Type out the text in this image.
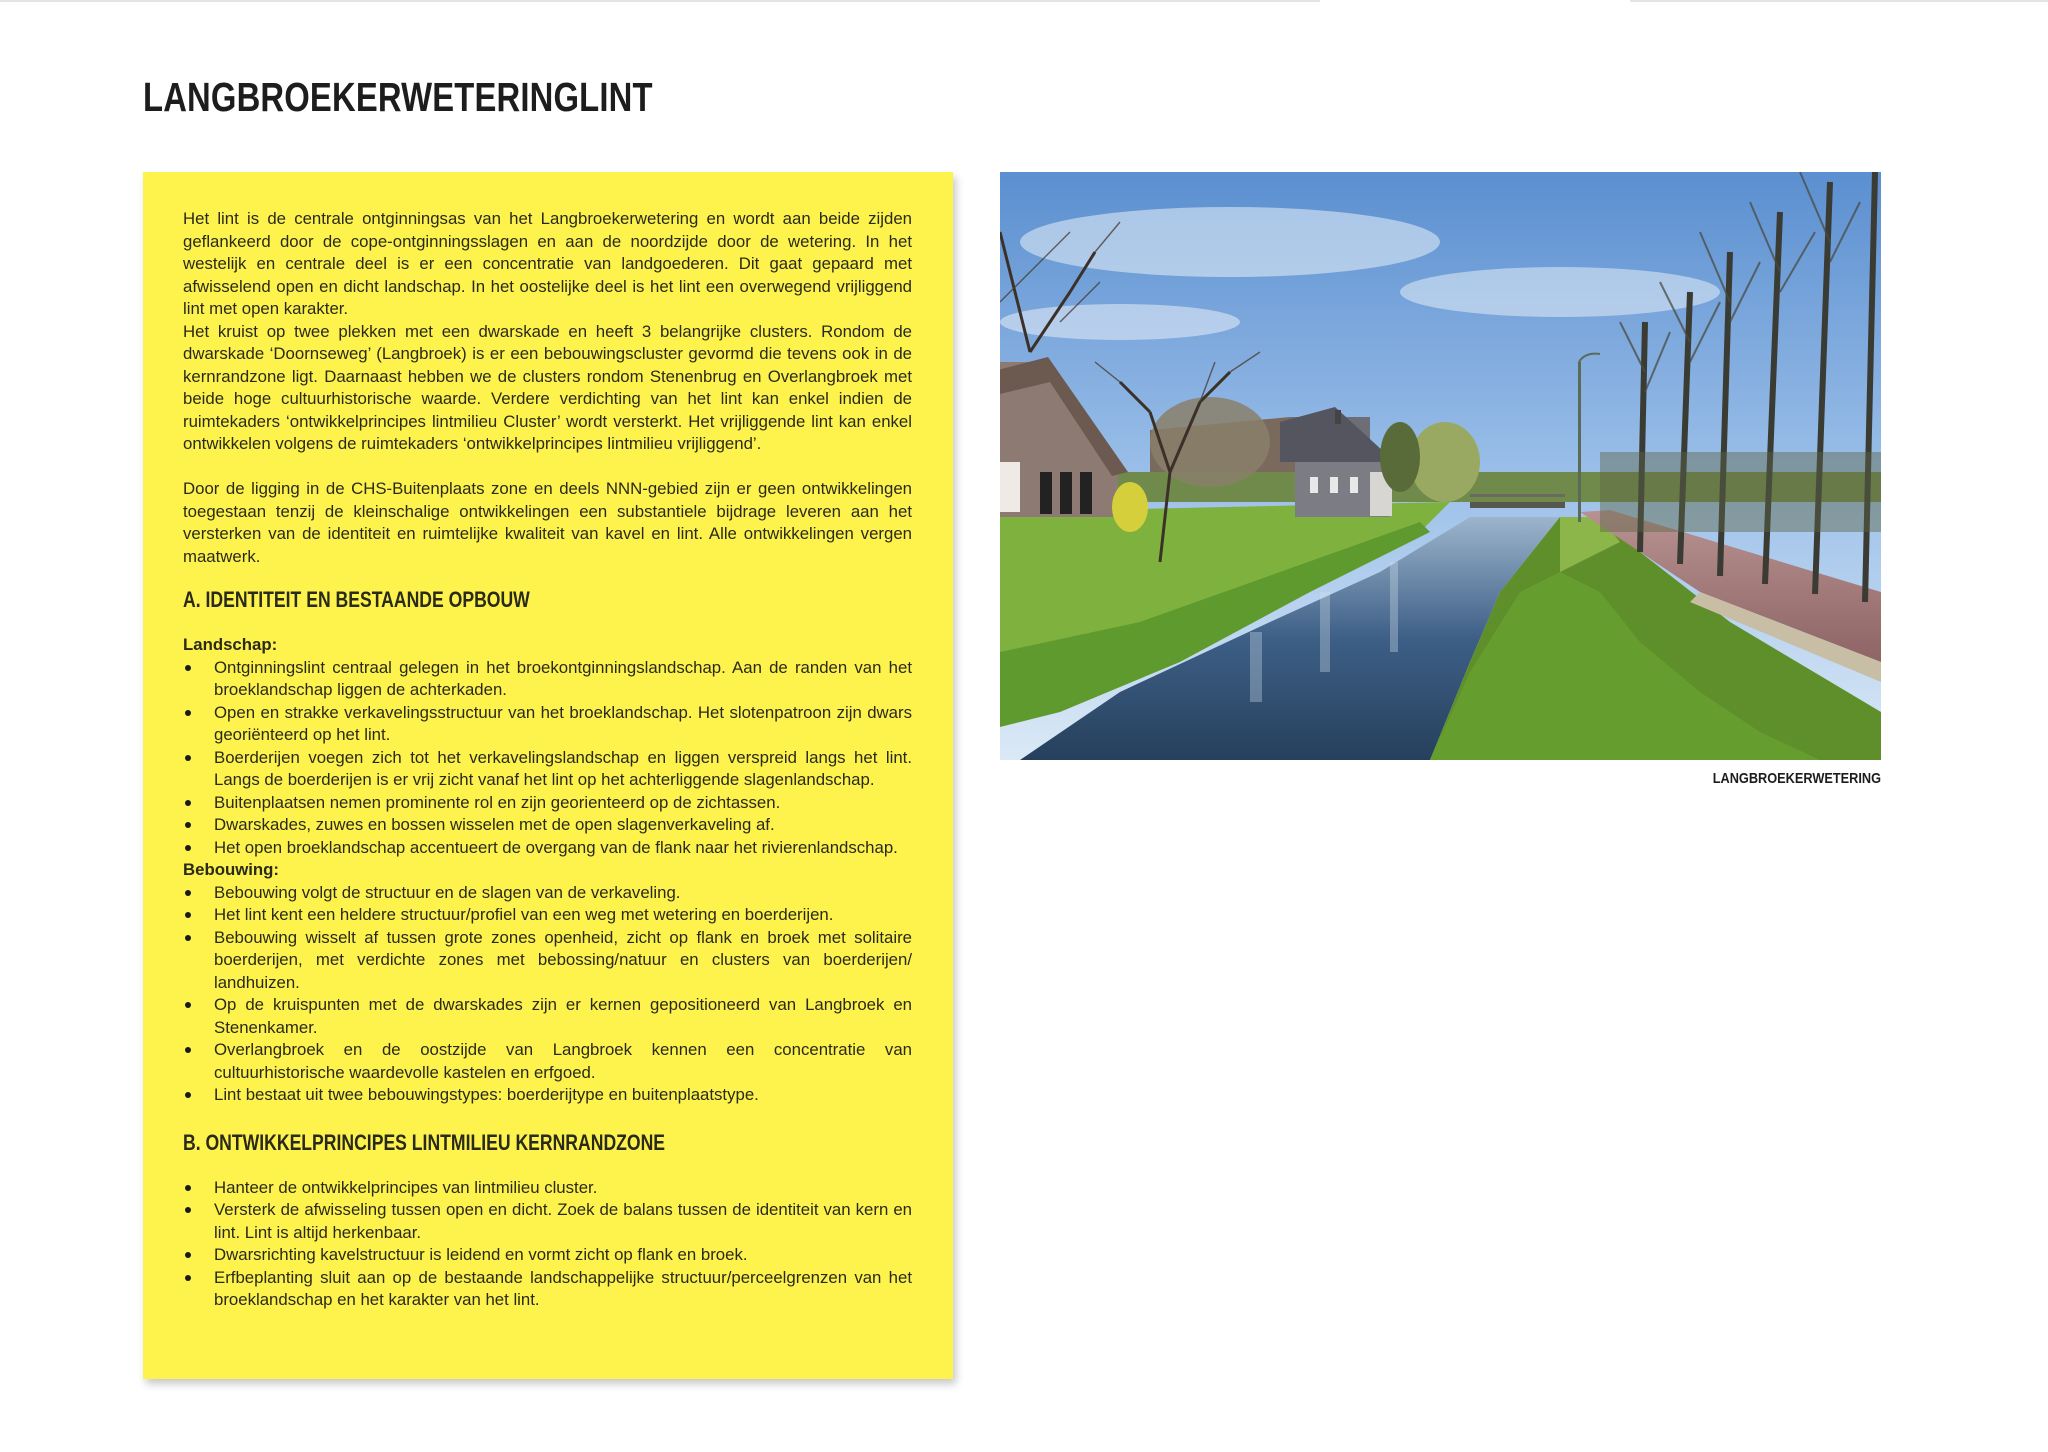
LANGBROEKERWETERINGLINT

Het lint is de centrale ontginningsas van het Langbroekerwetering en wordt aan beide zijden geflankeerd door de cope-ontginningsslagen en aan de noordzijde door de wetering. In het westelijk en centrale deel is er een concentratie van landgoederen. Dit gaat gepaard met afwisselend open en dicht landschap. In het oostelijke deel is het lint een overwegend vrijliggend lint met open karakter.

Het kruist op twee plekken met een dwarskade en heeft 3 belangrijke clusters. Rondom de dwarskade ‘Doornseweg’ (Langbroek) is er een bebouwingscluster gevormd die tevens ook in de kernrandzone ligt. Daarnaast hebben we de clusters rondom Stenenbrug en Overlangbroek met beide hoge cultuurhistorische waarde. Verdere verdichting van het lint kan enkel indien de ruimtekaders ‘ontwikkelprincipes lintmilieu Cluster’ wordt versterkt. Het vrijliggende lint kan enkel ontwikkelen volgens de ruimtekaders ‘ontwikkelprincipes lintmilieu vrijliggend’.

Door de ligging in de CHS-Buitenplaats zone en deels NNN-gebied zijn er geen ontwikkelingen toegestaan tenzij de kleinschalige ontwikkelingen een substantiele bijdrage leveren aan het versterken van de identiteit en ruimtelijke kwaliteit van kavel en lint. Alle ontwikkelingen vergen maatwerk.

A. IDENTITEIT EN BESTAANDE OPBOUW

Landschap:

Ontginningslint centraal gelegen in het broekontginningslandschap. Aan de randen van het broeklandschap liggen de achterkaden.
Open en strakke verkavelingsstructuur van het broeklandschap. Het slotenpatroon zijn dwars georiënteerd op het lint.
Boerderijen voegen zich tot het verkavelingslandschap en liggen verspreid langs het lint. Langs de boerderijen is er vrij zicht vanaf het lint op het achterliggende slagenlandschap.
Buitenplaatsen nemen prominente rol en zijn georienteerd op de zichtassen.
Dwarskades, zuwes en bossen wisselen met de open slagenverkaveling af.
Het open broeklandschap accentueert de overgang van de flank naar het rivierenlandschap.

Bebouwing:

Bebouwing volgt de structuur en de slagen van de verkaveling.
Het lint kent een heldere structuur/profiel van een weg met wetering en boerderijen.
Bebouwing wisselt af tussen grote zones openheid, zicht op flank en broek met solitaire boerderijen, met verdichte zones met bebossing/natuur en clusters van boerderijen/ landhuizen.
Op de kruispunten met de dwarskades zijn er kernen gepositioneerd van Langbroek en Stenenkamer.
Overlangbroek en de oostzijde van Langbroek kennen een concentratie van cultuurhistorische waardevolle kastelen en erfgoed.
Lint bestaat uit twee bebouwingstypes: boerderijtype en buitenplaatstype.
B. ONTWIKKELPRINCIPES LINTMILIEU KERNRANDZONE
Hanteer de ontwikkelprincipes van lintmilieu cluster.
Versterk de afwisseling tussen open en dicht. Zoek de balans tussen de identiteit van kern en lint. Lint is altijd herkenbaar.
Dwarsrichting kavelstructuur is leidend en vormt zicht op flank en broek.
Erfbeplanting sluit aan op de bestaande landschappelijke structuur/perceelgrenzen van het broeklandschap en het karakter van het lint.
LANGBROEKERWETERING
